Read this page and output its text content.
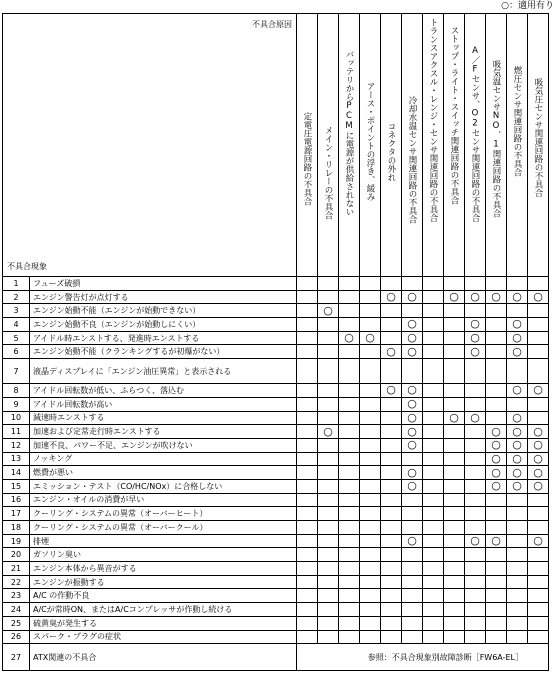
○：適用有り
不具合原因
不具合現象		定電圧電源回路の不具合	メイン・リレーの不具合	バッテリからPCMに電源が供給されない	アース・ポイントの浮き、緩み	コネクタの外れ	冷却水温センサ関連回路の不具合	トランスアクスル・レンジ・センサ関連回路の不具合	ストップ・ライト・スイッチ関連回路の不具合	A／Fセンサ、O2センサ関連回路の不具合	吸気温センサNO．1関連回路の不具合	燃圧センサ関連回路の不具合	吸気圧センサ関連回路の不具合

1	フューズ破損												
2	エンジン警告灯が点灯する					○	○		○	○	○	○	○
3	エンジン始動不能（エンジンが始動できない）		○										
4	エンジン始動不良（エンジンが始動しにくい）						○			○		○	
5	アイドル時エンストする、発進時エンストする			○	○		○			○		○	
6	エンジン始動不能（クランキングするが初爆がない）					○	○			○		○	
7	液晶ディスプレイに「エンジン油圧異常」と表示される												
8	アイドル回転数が低い、ふらつく、落込む					○	○					○	○
9	アイドル回転数が高い						○						
10	減速時エンストする						○		○	○		○	
11	加速および定常走行時エンストする		○				○				○	○	○
12	加速不良、パワー不足、エンジンが吹けない						○				○	○	○
13	ノッキング										○	○	○
14	燃費が悪い						○				○	○	○
15	エミッション・テスト（CO/HC/NOx）に合格しない						○				○	○	○
16	エンジン・オイルの消費が早い												
17	クーリング・システムの異常（オーバーヒート）												
18	クーリング・システムの異常（オーバークール）												
19	排煙						○			○	○		○
20	ガソリン臭い												
21	エンジン本体から異音がする												
22	エンジンが振動する												
23	A/C の作動不良												
24	A/Cが常時ON、またはA/Cコンプレッサが作動し続ける												
25	硫黄臭が発生する												
26	スパーク・プラグの症状												
27	ATX関連の不具合	参照：不具合現象別故障診断［FW6A-EL］											
